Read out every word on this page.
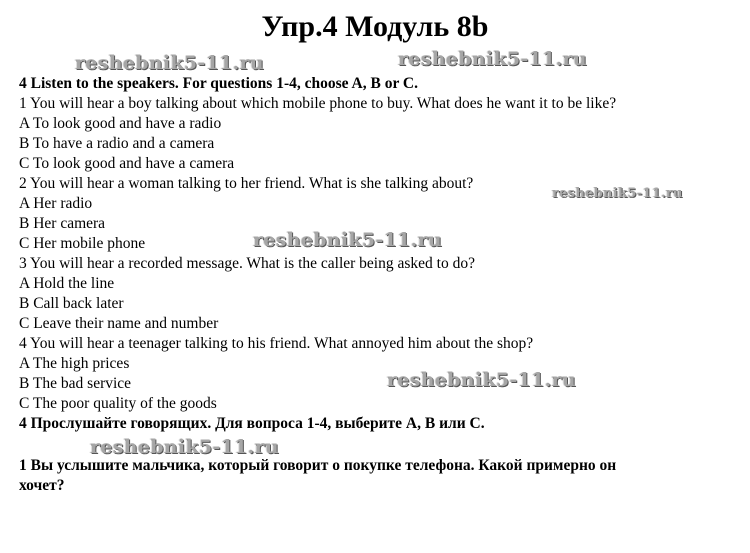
Упр.4 Модуль 8b
4 Listen to the speakers. For questions 1-4, choose A, B or C.
1 You will hear a boy talking about which mobile phone to buy. What does he want it to be like?
A To look good and have a radio
B To have a radio and a camera
C To look good and have a camera
2 You will hear a woman talking to her friend. What is she talking about?
A Her radio
B Her camera
C Her mobile phone
3 You will hear a recorded message. What is the caller being asked to do?
A Hold the line
B Call back later
C Leave their name and number
4 You will hear a teenager talking to his friend. What annoyed him about the shop?
A The high prices
B The bad service
C The poor quality of the goods
4 Прослушайте говорящих. Для вопроса 1-4, выберите A, B или C.
1 Вы услышите мальчика, который говорит о покупке телефона. Какой примерно он
хочет?
reshebnik5-11.ru	reshebnik5-11.ru
reshebnik5-11.ru
reshebnik5-11.ru
reshebnik5-11.ru
reshebnik5-11.ru
